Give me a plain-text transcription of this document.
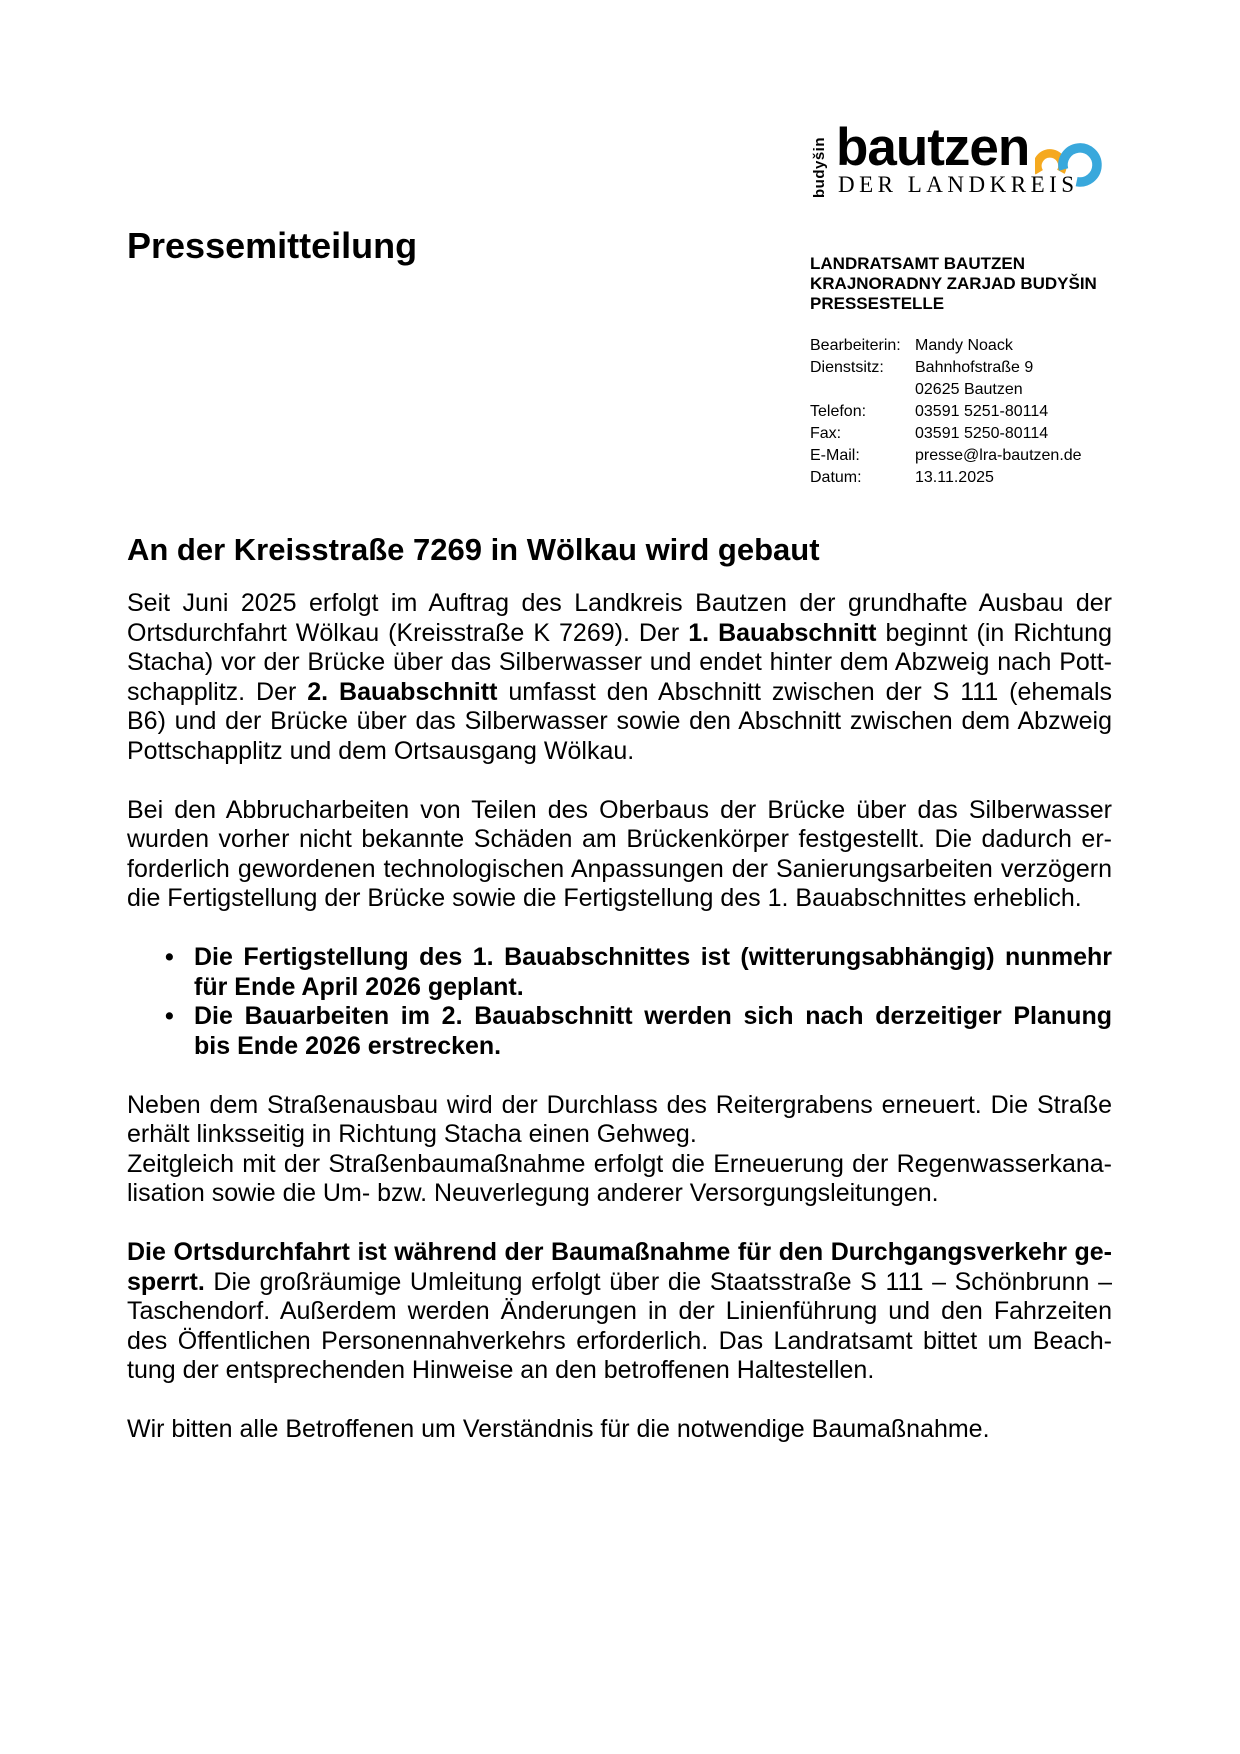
budyšin bautzen
DER LANDKREIS
Pressemitteilung	LANDRATSAMT BAUTZEN
KRAJNORADNY ZARJAD BUDYŠIN
PRESSESTELLE
Bearbeiterin: Mandy Noack
Dienstsitz:	Bahnhofstraße 9
02625 Bautzen
Telefon:	03591 5251-80114
Fax:	03591 5250-80114
E-Mail:	presse@lra-bautzen.de
Datum:	13.11.2025
An der Kreisstraße 7269 in Wölkau wird gebaut
Seit Juni 2025 erfolgt im Auftrag des Landkreis Bautzen der grundhafte Ausbau der
Ortsdurchfahrt Wölkau (Kreisstraße K 7269). Der 1. Bauabschnitt beginnt (in Richtung
Stacha) vor der Brücke über das Silberwasser und endet hinter dem Abzweig nach Pott-
schapplitz. Der 2. Bauabschnitt umfasst den Abschnitt zwischen der S 111 (ehemals
B6) und der Brücke über das Silberwasser sowie den Abschnitt zwischen dem Abzweig
Pottschapplitz und dem Ortsausgang Wölkau.
Bei den Abbrucharbeiten von Teilen des Oberbaus der Brücke über das Silberwasser
wurden vorher nicht bekannte Schäden am Brückenkörper festgestellt. Die dadurch er-
forderlich gewordenen technologischen Anpassungen der Sanierungsarbeiten verzögern
die Fertigstellung der Brücke sowie die Fertigstellung des 1. Bauabschnittes erheblich.
• Die Fertigstellung des 1. Bauabschnittes ist (witterungsabhängig) nunmehr
für Ende April 2026 geplant.
• Die Bauarbeiten im 2. Bauabschnitt werden sich nach derzeitiger Planung
bis Ende 2026 erstrecken.
Neben dem Straßenausbau wird der Durchlass des Reitergrabens erneuert. Die Straße
erhält linksseitig in Richtung Stacha einen Gehweg.
Zeitgleich mit der Straßenbaumaßnahme erfolgt die Erneuerung der Regenwasserkana-
lisation sowie die Um- bzw. Neuverlegung anderer Versorgungsleitungen.
Die Ortsdurchfahrt ist während der Baumaßnahme für den Durchgangsverkehr ge-
sperrt. Die großräumige Umleitung erfolgt über die Staatsstraße S 111 – Schönbrunn –
Taschendorf. Außerdem werden Änderungen in der Linienführung und den Fahrzeiten
des Öffentlichen Personennahverkehrs erforderlich. Das Landratsamt bittet um Beach-
tung der entsprechenden Hinweise an den betroffenen Haltestellen.
Wir bitten alle Betroffenen um Verständnis für die notwendige Baumaßnahme.
